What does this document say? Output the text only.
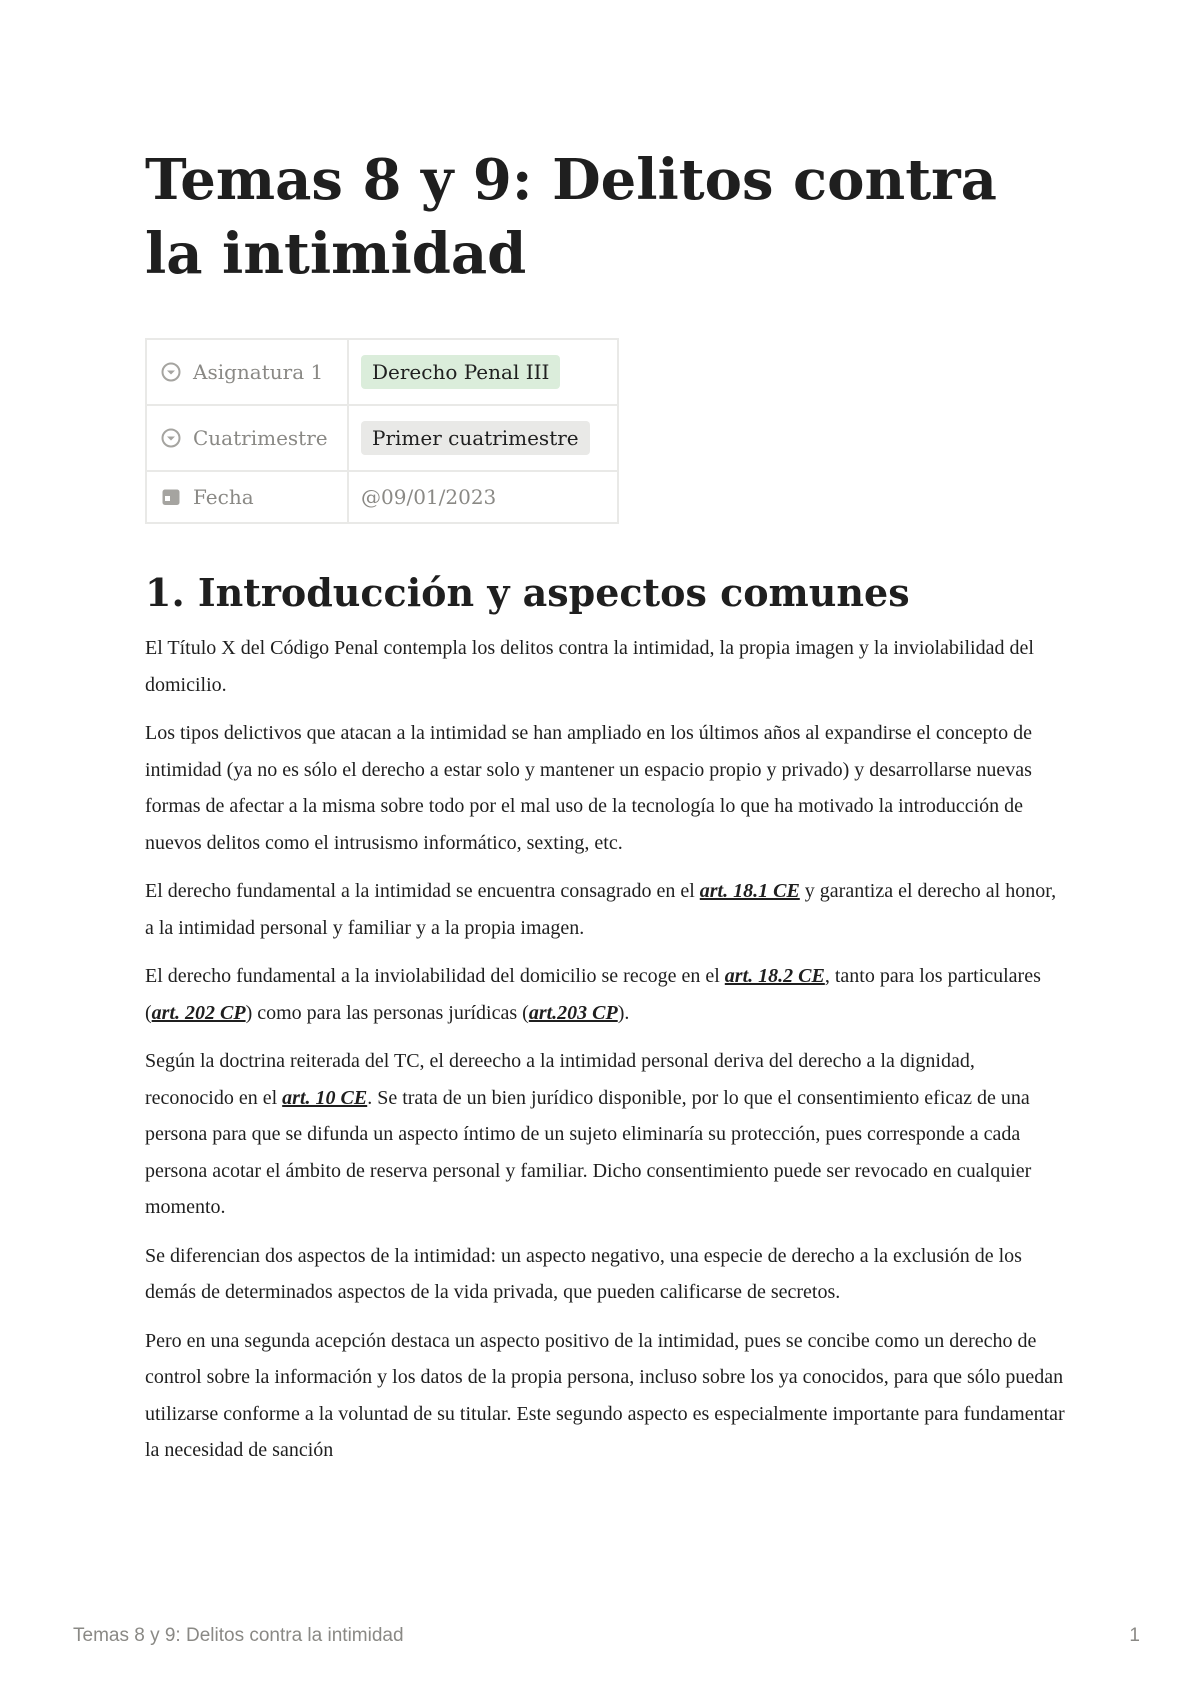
Temas 8 y 9: Delitos contra la intimidad
Asignatura 1	Derecho Penal III

Cuatrimestre	Primer cuatrimestre

Fecha	@09/01/2023
1. Introducción y aspectos comunes

El Título X del Código Penal contempla los delitos contra la intimidad, la propia imagen y la inviolabilidad del domicilio.

Los tipos delictivos que atacan a la intimidad se han ampliado en los últimos años al expandirse el concepto de intimidad (ya no es sólo el derecho a estar solo y mantener un espacio propio y privado) y desarrollarse nuevas formas de afectar a la misma sobre todo por el mal uso de la tecnología lo que ha motivado la introducción de nuevos delitos como el intrusismo informático, sexting, etc.

El derecho fundamental a la intimidad se encuentra consagrado en el art. 18.1 CE y garantiza el derecho al honor, a la intimidad personal y familiar y a la propia imagen.

El derecho fundamental a la inviolabilidad del domicilio se recoge en el art. 18.2 CE, tanto para los particulares (art. 202 CP) como para las personas jurídicas (art.203 CP).

Según la doctrina reiterada del TC, el dereecho a la intimidad personal deriva del derecho a la dignidad, reconocido en el art. 10 CE. Se trata de un bien jurídico disponible, por lo que el consentimiento eficaz de una persona para que se difunda un aspecto íntimo de un sujeto eliminaría su protección, pues corresponde a cada persona acotar el ámbito de reserva personal y familiar. Dicho consentimiento puede ser revocado en cualquier momento.

Se diferencian dos aspectos de la intimidad: un aspecto negativo, una especie de derecho a la exclusión de los demás de determinados aspectos de la vida privada, que pueden calificarse de secretos.

Pero en una segunda acepción destaca un aspecto positivo de la intimidad, pues se concibe como un derecho de control sobre la información y los datos de la propia persona, incluso sobre los ya conocidos, para que sólo puedan utilizarse conforme a la voluntad de su titular. Este segundo aspecto es especialmente importante para fundamentar la necesidad de sanción

Temas 8 y 9: Delitos contra la intimidad	1
